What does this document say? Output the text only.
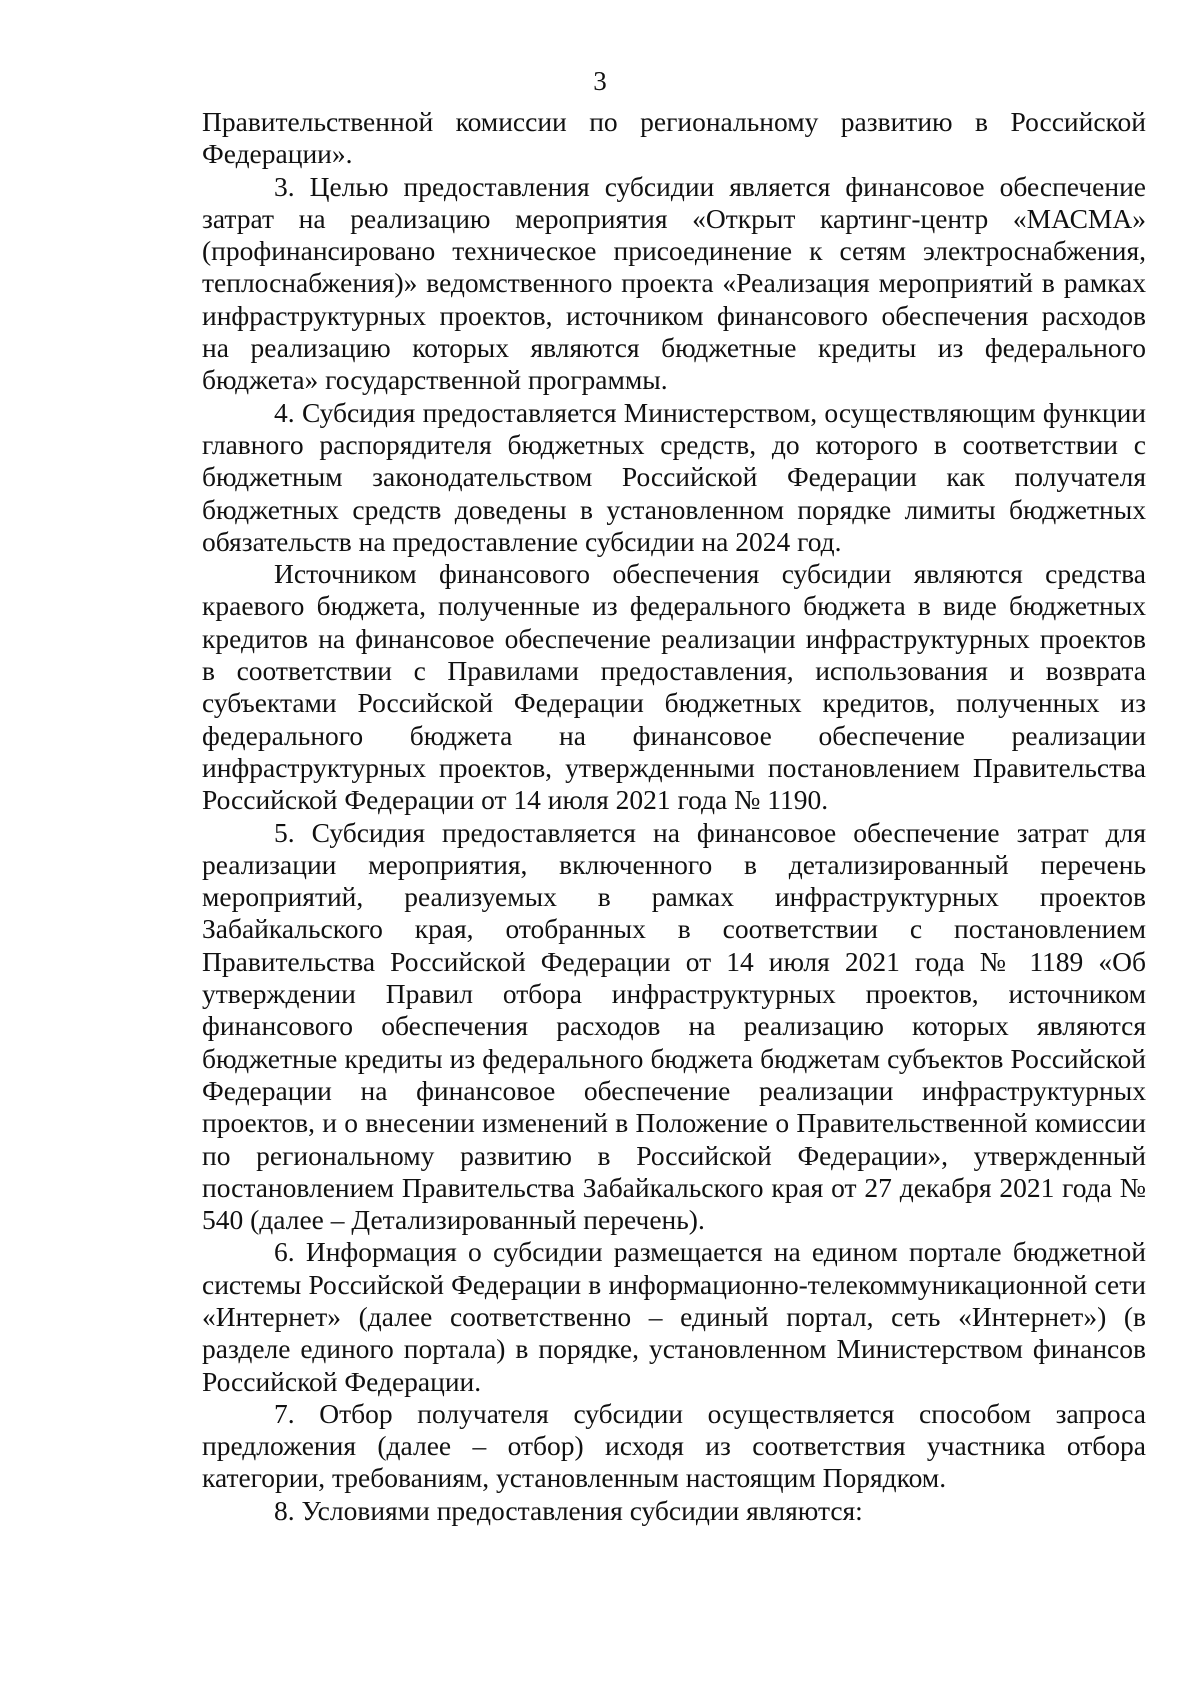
3

Правительственной комиссии по региональному развитию в Российской Федерации».

3. Целью предоставления субсидии является финансовое обеспечение затрат на реализацию мероприятия «Открыт картинг-центр «МАСМА» (профинансировано техническое присоединение к сетям электроснабжения, теплоснабжения)» ведомственного проекта «Реализация мероприятий в рамках инфраструктурных проектов, источником финансового обеспечения расходов на реализацию которых являются бюджетные кредиты из федерального бюджета» государственной программы.

4. Субсидия предоставляется Министерством, осуществляющим функции главного распорядителя бюджетных средств, до которого в соответствии с бюджетным законодательством Российской Федерации как получателя бюджетных средств доведены в установленном порядке лимиты бюджетных обязательств на предоставление субсидии на 2024 год.

Источником финансового обеспечения субсидии являются средства краевого бюджета, полученные из федерального бюджета в виде бюджетных кредитов на финансовое обеспечение реализации инфраструктурных проектов в соответствии с Правилами предоставления, использования и возврата субъектами Российской Федерации бюджетных кредитов, полученных из федерального бюджета на финансовое обеспечение реализации инфраструктурных проектов, утвержденными постановлением Правительства Российской Федерации от 14 июля 2021 года № 1190.

5. Субсидия предоставляется на финансовое обеспечение затрат для реализации мероприятия, включенного в детализированный перечень мероприятий, реализуемых в рамках инфраструктурных проектов Забайкальского края, отобранных в соответствии с постановлением Правительства Российской Федерации от 14 июля 2021 года № 1189 «Об утверждении Правил отбора инфраструктурных проектов, источником финансового обеспечения расходов на реализацию которых являются бюджетные кредиты из федерального бюджета бюджетам субъектов Российской Федерации на финансовое обеспечение реализации инфраструктурных проектов, и о внесении изменений в Положение о Правительственной комиссии по региональному развитию в Российской Федерации», утвержденный постановлением Правительства Забайкальского края от 27 декабря 2021 года № 540 (далее – Детализированный перечень).

6. Информация о субсидии размещается на едином портале бюджетной системы Российской Федерации в информационно-телекоммуникационной сети «Интернет» (далее соответственно – единый портал, сеть «Интернет») (в разделе единого портала) в порядке, установленном Министерством финансов Российской Федерации.

7. Отбор получателя субсидии осуществляется способом запроса предложения (далее – отбор) исходя из соответствия участника отбора категории, требованиям, установленным настоящим Порядком.

8. Условиями предоставления субсидии являются:
